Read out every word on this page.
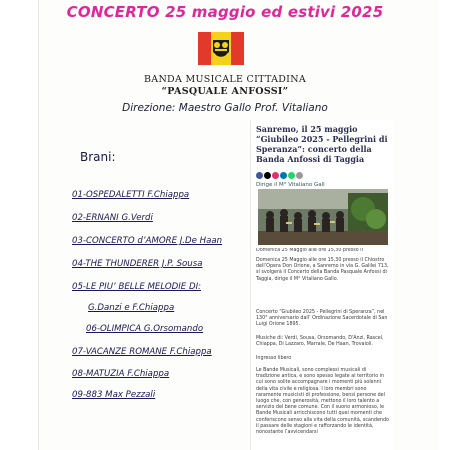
CONCERTO 25 maggio ed estivi 2025
BANDA MUSICALE CITTADINA
“PASQUALE ANFOSSI”
Direzione: Maestro Gallo Prof. Vitaliano
Brani:
01-OSPEDALETTI F.Chiappa
02-ERNANI G.Verdi
03-CONCERTO d’AMORE J.De Haan
04-THE THUNDERER J.P. Sousa
05-LE PIU’ BELLE MELODIE DI:
G.Danzi e F.Chiappa
06-OLIMPICA G.Orsomando
07-VACANZE ROMANE F.Chiappa
08-MATUZIA F.Chiappa
09-883 Max Pezzali
Sanremo, il 25 maggio “Giubileo 2025 - Pellegrini di Speranza”: concerto della Banda Anfossi di Taggia
Dirige il M° Vitaliano Gall
Domenica 25 Maggio alle ore 15,30 presso il
Domenica 25 Maggio alle ore 15,30 presso il Chiostro dell’Opera Don Orione, a Sanremo in via G. Galilei 713, si svolgerà il Concerto della Banda Pasquale Anfossi di Taggia, dirige il M° Vitaliano Gallo.
Concerto “Giubileo 2025 - Pellegrini di Speranza”, nel 130° anniversario dall’ Ordinazione Sacerdotale di San Luigi Orione 1895.
Musiche di: Verdi, Sousa, Orsomando, D'Anzi, Rascel, Chiappa, Di Lazzaro, Marrale, De Haan, Trovaioli.
Ingresso libero
Le Bande Musicali, sono complessi musicali di tradizione antica, e sono spesso legate al territorio in cui sono solite accompagnare i momenti più solenni della vita civile e religiosa. I loro membri sono raramente musicisti di professione, bensì persone del luogo che, con generosità, mettono il loro talento a servizio del bene comune. Con il suono armonioso, le Bande Musicali arricchiscono tutti quei momenti che conferiscono senso alla vita della comunità, scandendo il passare delle stagioni e rafforzando le identità, nonostante l’avvicendarsi
